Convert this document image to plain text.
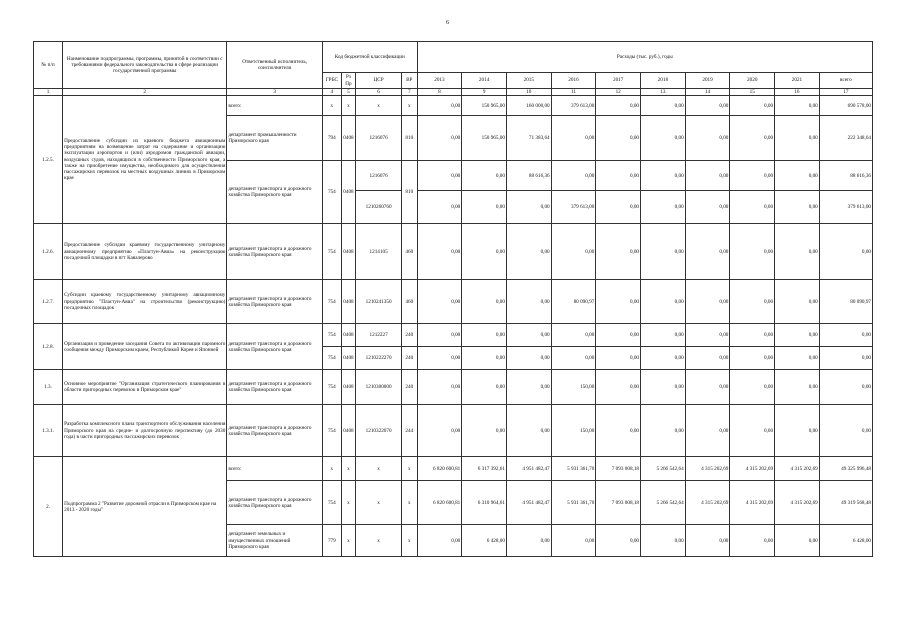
6
№ п/п	Наименование подпрограммы, программы, принятой в соответствии с требованиями федерального законодательства в сфере реализации государственной программы	Ответственный исполнитель, соисполнители	Код бюджетной классификации				Расходы (тыс. руб.), годы									
			ГРБС	Рз Пр	ЦСР	ВР	2013	2014	2015	2016	2017	2018	2019	2020	2021	всего
1	2	3	4	5	6	7	8	9	10	11	12	13	14	15	16	17
1.2.5.	Предоставление субсидии из краевого бюджета авиационным предприятиям на возмещение затрат на содержание и организацию эксплуатации аэропортов и (или) аэродромов гражданской авиации, воздушных судов, находящихся в собственности Приморского края, а также на приобретение имущества, необходимого для осуществления пассажирских перевозок на местных воздушных линиях в Приморском крае	всего:	х	х	х	х	0,00	150 965,00	160 000,00	379 613,00	0,00	0,00	0,00	0,00	0,00	690 578,00
		департамент промышленности Приморского края	794	0408	1216076	810	0,00	150 965,00	71 383,64	0,00	0,00	0,00	0,00	0,00	0,00	222 348,64
		департамент транспорта и дорожного хозяйства Приморского края	754	0408	1216076	810	0,00	0,00	88 616,36	0,00	0,00	0,00	0,00	0,00	0,00	88 616,36
					1210260760		0,00	0,00	0,00	379 613,00	0,00	0,00	0,00	0,00	0,00	379 613,00
1.2.6.	Предоставление субсидии краевому государственному унитарному авиационному предприятию «Пластун-Авиа» на реконструкцию посадочной площадки в пгт Кавалерово	департамент транспорта и дорожного хозяйства Приморского края	754	0408	1214105	460	0,00	0,00	0,00	0,00	0,00	0,00	0,00	0,00	0,00	0,00
1.2.7.	Субсидии краевому государственному унитарному авиационному предприятию "Пластун-Авиа" на строительство (реконструкцию) посадочных площадок	департамент транспорта и дорожного хозяйства Приморского края	754	0408	1210241350	460	0,00	0,00	0,00	80 090,97	0,00	0,00	0,00	0,00	0,00	80 090,97
1.2.8.	Организация и проведение заседания Совета по активизации паромного сообщения между Приморским краем, Республикой Корея и Японией	департамент транспорта и дорожного хозяйства Приморского края	754	0408	1212227	240	0,00	0,00	0,00	0,00	0,00	0,00	0,00	0,00	0,00	0,00
			754	0408	1210222270	240	0,00	0,00	0,00	0,00	0,00	0,00	0,00	0,00	0,00	0,00
1.3.	Основное мероприятие "Организация стратегического планирования в области пригородных перевозок в Приморском крае"	департамент транспорта и дорожного хозяйства Приморского края	754	0408	1210300000	240	0,00	0,00	0,00	150,00	0,00	0,00	0,00	0,00	0,00	0,00
1.3.1.	Разработка комплексного плана транспортного обслуживания населения Приморского края на средне- и долгосрочную перспективу (до 2030 года) в части пригородных пассажирских перевозок	департамент транспорта и дорожного хозяйства Приморского края	754	0408	1210322070	244	0,00	0,00	0,00	150,00	0,00	0,00	0,00	0,00	0,00	0,00
2.	Подпрограмма 2 "Развитие дорожной отрасли в Приморском крае на 2013 - 2020 годы"	всего:	х	х	х	х	6 820 600,81	6 317 392,61	4 951 482,47	5 931 361,70	7 093 008,18	5 266 542,64	4 315 202,69	4 315 202,69	4 315 202,69	49 325 996,48
		департамент транспорта и дорожного хозяйства Приморского края	754	х	х	х	6 820 600,81	6 310 964,61	4 951 482,47	5 931 361,70	7 093 008,18	5 266 542,64	4 315 202,69	4 315 202,69	4 315 202,69	49 319 568,48
		департамент земельных и имущественных отношений Приморского края	779	х	х	х	0,00	6 428,00	0,00	0,00	0,00	0,00	0,00	0,00	0,00	6 428,00
